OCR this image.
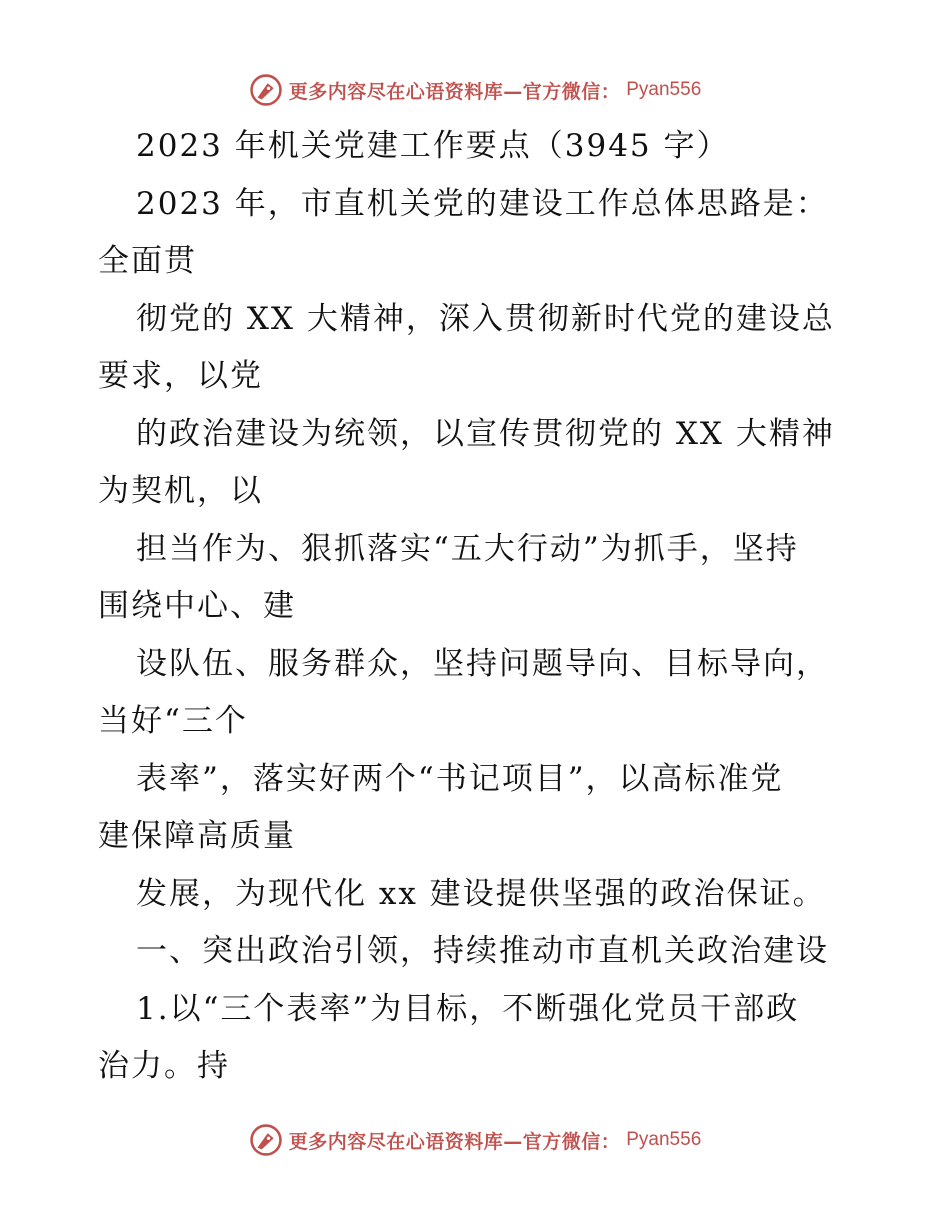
更多内容尽在心语资料库—官方微信： Pyan556
2023 年机关党建工作要点（3945 字）
2023 年，市直机关党的建设工作总体思路是：
全面贯
彻党的 XX 大精神，深入贯彻新时代党的建设总
要求，以党
的政治建设为统领，以宣传贯彻党的 XX 大精神
为契机，以
担当作为、狠抓落实“五大行动”为抓手，坚持
围绕中心、建
设队伍、服务群众，坚持问题导向、目标导向，
当好“三个
表率”，落实好两个“书记项目”，以高标准党
建保障高质量
发展，为现代化 xx 建设提供坚强的政治保证。
一、突出政治引领，持续推动市直机关政治建设
1.以“三个表率”为目标，不断强化党员干部政
治力。持
更多内容尽在心语资料库—官方微信： Pyan556
